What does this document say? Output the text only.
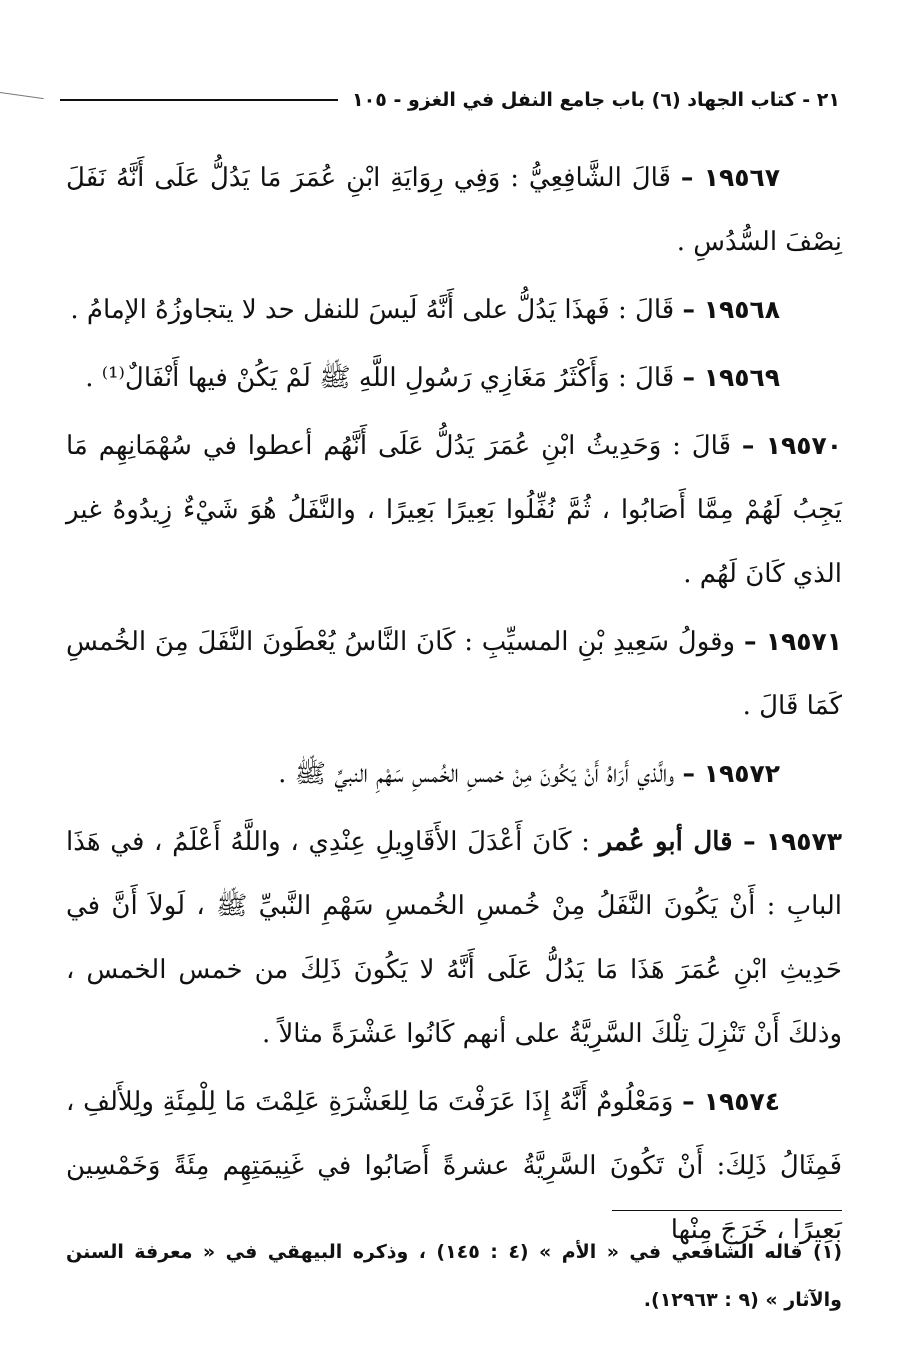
٢١ - كتاب الجهاد (٦) باب جامع النفل في الغزو - ١٠٥

١٩٥٦٧ – قَالَ الشَّافِعِيُّ : وَفِي رِوَايَةِ ابْنِ عُمَرَ مَا يَدُلُّ عَلَى أَنَّهُ نَفَلَ نِصْفَ السُّدُسِ .

١٩٥٦٨ – قَالَ : فَهذَا يَدُلُّ على أَنَّهُ لَيسَ للنفل حد لا يتجاوزُهُ الإمامُ .

١٩٥٦٩ – قَالَ : وَأَكْثَرُ مَغَازِي رَسُولِ اللَّهِ ﷺ لَمْ يَكُنْ فيها أَنْفَالٌ⁽¹⁾ .

١٩٥٧٠ – قَالَ : وَحَدِيثُ ابْنِ عُمَرَ يَدُلُّ عَلَى أَنَّهُم أعطوا في سُهْمَانِهِم مَا يَجِبُ لَهُمْ مِمَّا أَصَابُوا ، ثُمَّ نُفِّلُوا بَعِيرًا بَعِيرًا ، والنَّفَلُ هُوَ شَيْءٌ زِيدُوهُ غير الذي كَانَ لَهُم .

١٩٥٧١ – وقولُ سَعِيدِ بْنِ المسيِّبِ : كَانَ النَّاسُ يُعْطَونَ النَّفَلَ مِنَ الخُمسِ كَمَا قَالَ .

١٩٥٧٢ – والَّذي أَرَاهُ أَنْ يَكُونَ مِنْ خمسِ الخُمسِ سَهْمِ النبيِّ ﷺ .

١٩٥٧٣ – قال أبو عُمر : كَانَ أَعْدَلَ الأَقَاوِيلِ عِنْدِي ، واللَّهُ أَعْلَمُ ، في هَذَا البابِ : أَنْ يَكُونَ النَّفَلُ مِنْ خُمسِ الخُمسِ سَهْمِ النَّبيِّ ﷺ ، لَولاَ أَنَّ في حَدِيثِ ابْنِ عُمَرَ هَذَا مَا يَدُلُّ عَلَى أَنَّهُ لا يَكُونَ ذَلِكَ من خمس الخمس ، وذلكَ أَنْ تَنْزِلَ تِلْكَ السَّرِيَّةُ على أنهم كَانُوا عَشْرَةً مثالاً .

١٩٥٧٤ – وَمَعْلُومٌ أَنَّهُ إِذَا عَرَفْتَ مَا لِلعَشْرَةِ عَلِمْتَ مَا لِلْمِئَةِ ولِلأَلفِ ، فَمِثَالُ ذَلِكَ: أَنْ تَكُونَ السَّرِيَّةُ عشرةً أَصَابُوا في غَنِيمَتِهِم مِئَةً وَخَمْسِين بَعِيرًا ، خَرَجَ مِنْها

(١) قاله الشافعي في « الأم » (٤ : ١٤٥) ، وذكره البيهقي في « معرفة السنن والآثار » (٩ : ١٢٩٦٣).
